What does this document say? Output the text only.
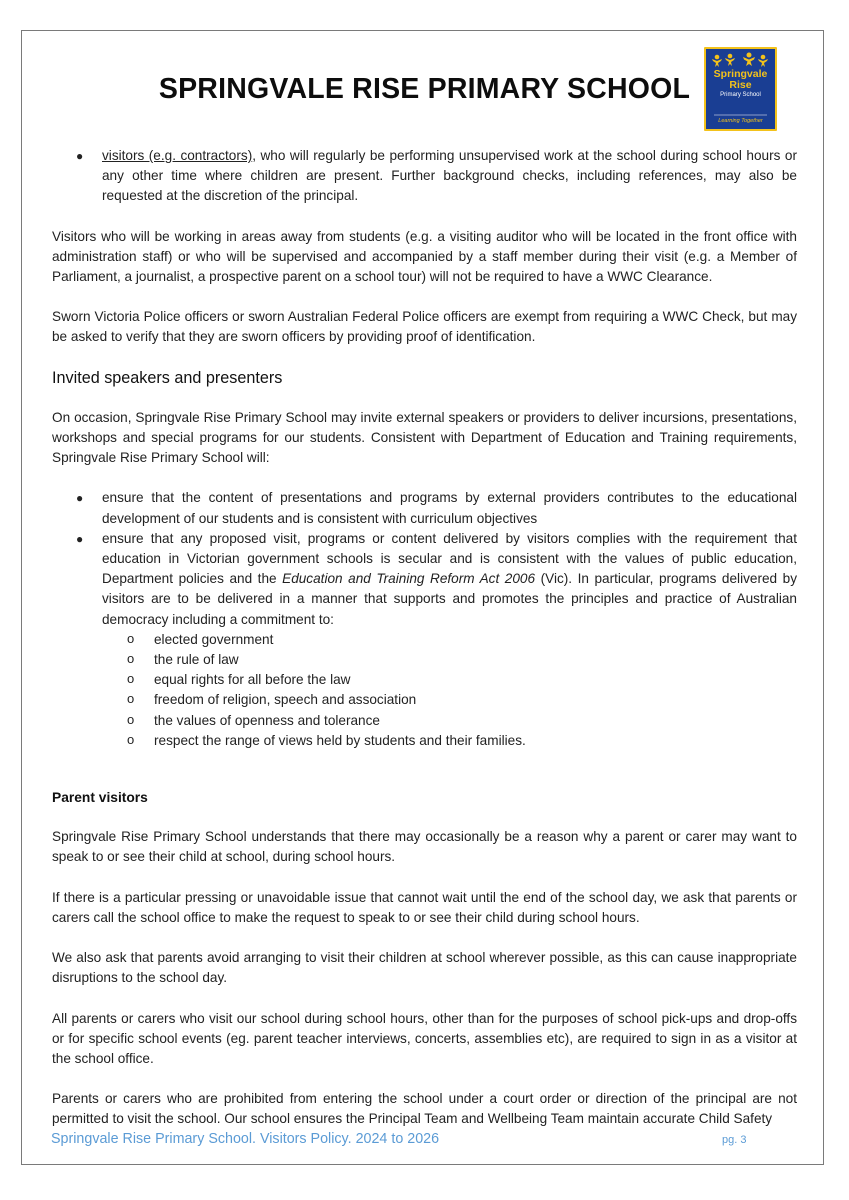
SPRINGVALE RISE PRIMARY SCHOOL	Springvale
Rise
Primary School
Learning Together
● visitors (e.g. contractors), who will regularly be performing unsupervised work at the school during school hours or any other time where children are present. Further background checks, including references, may also be requested at the discretion of the principal.

Visitors who will be working in areas away from students (e.g. a visiting auditor who will be located in the front office with administration staff) or who will be supervised and accompanied by a staff member during their visit (e.g. a Member of Parliament, a journalist, a prospective parent on a school tour) will not be required to have a WWC Clearance.

Sworn Victoria Police officers or sworn Australian Federal Police officers are exempt from requiring a WWC Check, but may be asked to verify that they are sworn officers by providing proof of identification.

Invited speakers and presenters

On occasion, Springvale Rise Primary School may invite external speakers or providers to deliver incursions, presentations, workshops and special programs for our students. Consistent with Department of Education and Training requirements, Springvale Rise Primary School will:

● ensure that the content of presentations and programs by external providers contributes to the educational development of our students and is consistent with curriculum objectives
● ensure that any proposed visit, programs or content delivered by visitors complies with the requirement that education in Victorian government schools is secular and is consistent with the values of public education, Department policies and the Education and Training Reform Act 2006 (Vic). In particular, programs delivered by visitors are to be delivered in a manner that supports and promotes the principles and practice of Australian democracy including a commitment to:
o elected government
o the rule of law
o equal rights for all before the law
o freedom of religion, speech and association
o the values of openness and tolerance
o respect the range of views held by students and their families.
Parent visitors

Springvale Rise Primary School understands that there may occasionally be a reason why a parent or carer may want to speak to or see their child at school, during school hours.

If there is a particular pressing or unavoidable issue that cannot wait until the end of the school day, we ask that parents or carers call the school office to make the request to speak to or see their child during school hours.

We also ask that parents avoid arranging to visit their children at school wherever possible, as this can cause inappropriate disruptions to the school day.

All parents or carers who visit our school during school hours, other than for the purposes of school pick-ups and drop-offs or for specific school events (eg. parent teacher interviews, concerts, assemblies etc), are required to sign in as a visitor at the school office.

Parents or carers who are prohibited from entering the school under a court order or direction of the principal are not permitted to visit the school. Our school ensures the Principal Team and Wellbeing Team maintain accurate Child Safety

Springvale Rise Primary School. Visitors Policy. 2024 to 2026	pg. 3
